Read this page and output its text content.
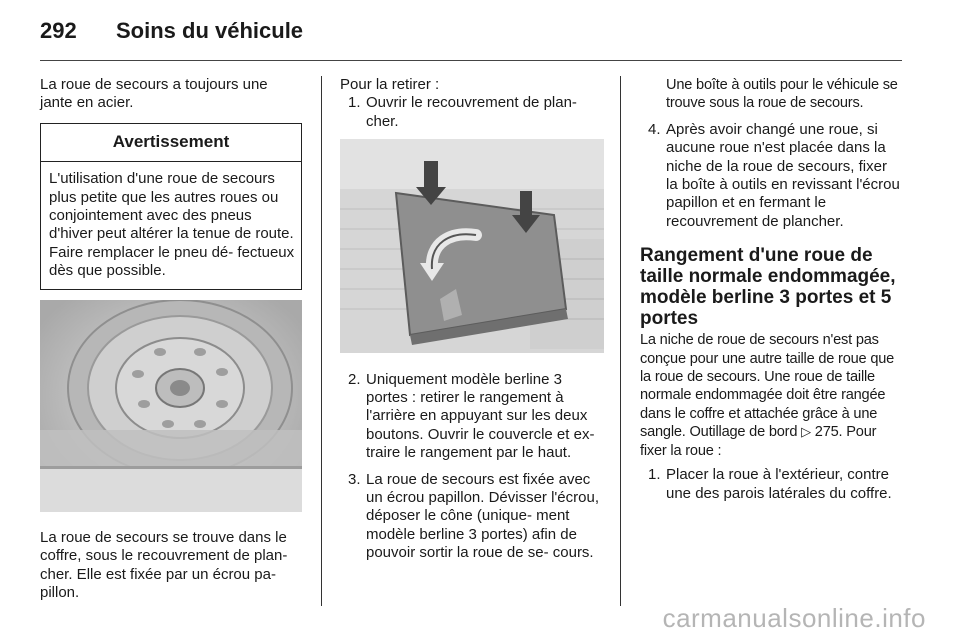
292 Soins du véhicule

La roue de secours a toujours une jante en acier.

Avertissement
L'utilisation d'une roue de secours plus petite que les autres roues ou conjointement avec des pneus d'hiver peut altérer la tenue de route. Faire remplacer le pneu dé- fectueux dès que possible.

La roue de secours se trouve dans le coffre, sous le recouvrement de plan- cher. Elle est fixée par un écrou pa- pillon.

Pour la retirer :

1. Ouvrir le recouvrement de plan- cher.
2. Uniquement modèle berline 3 portes : retirer le rangement à l'arrière en appuyant sur les deux boutons. Ouvrir le couvercle et ex- traire le rangement par le haut.
3. La roue de secours est fixée avec un écrou papillon. Dévisser l'écrou, déposer le cône (unique- ment modèle berline 3 portes) afin de pouvoir sortir la roue de se- cours.

Une boîte à outils pour le véhicule se trouve sous la roue de secours.

4. Après avoir changé une roue, si aucune roue n'est placée dans la niche de la roue de secours, fixer la boîte à outils en revissant l'écrou papillon et en fermant le recouvrement de plancher.
Rangement d'une roue de taille normale endommagée, modèle berline 3 portes et 5 portes

La niche de roue de secours n'est pas conçue pour une autre taille de roue que la roue de secours. Une roue de taille normale endommagée doit être rangée dans le coffre et attachée grâce à une sangle. Outillage de bord ▷ 275. Pour fixer la roue :

1. Placer la roue à l'extérieur, contre une des parois latérales du coffre.
carmanualsonline.info
